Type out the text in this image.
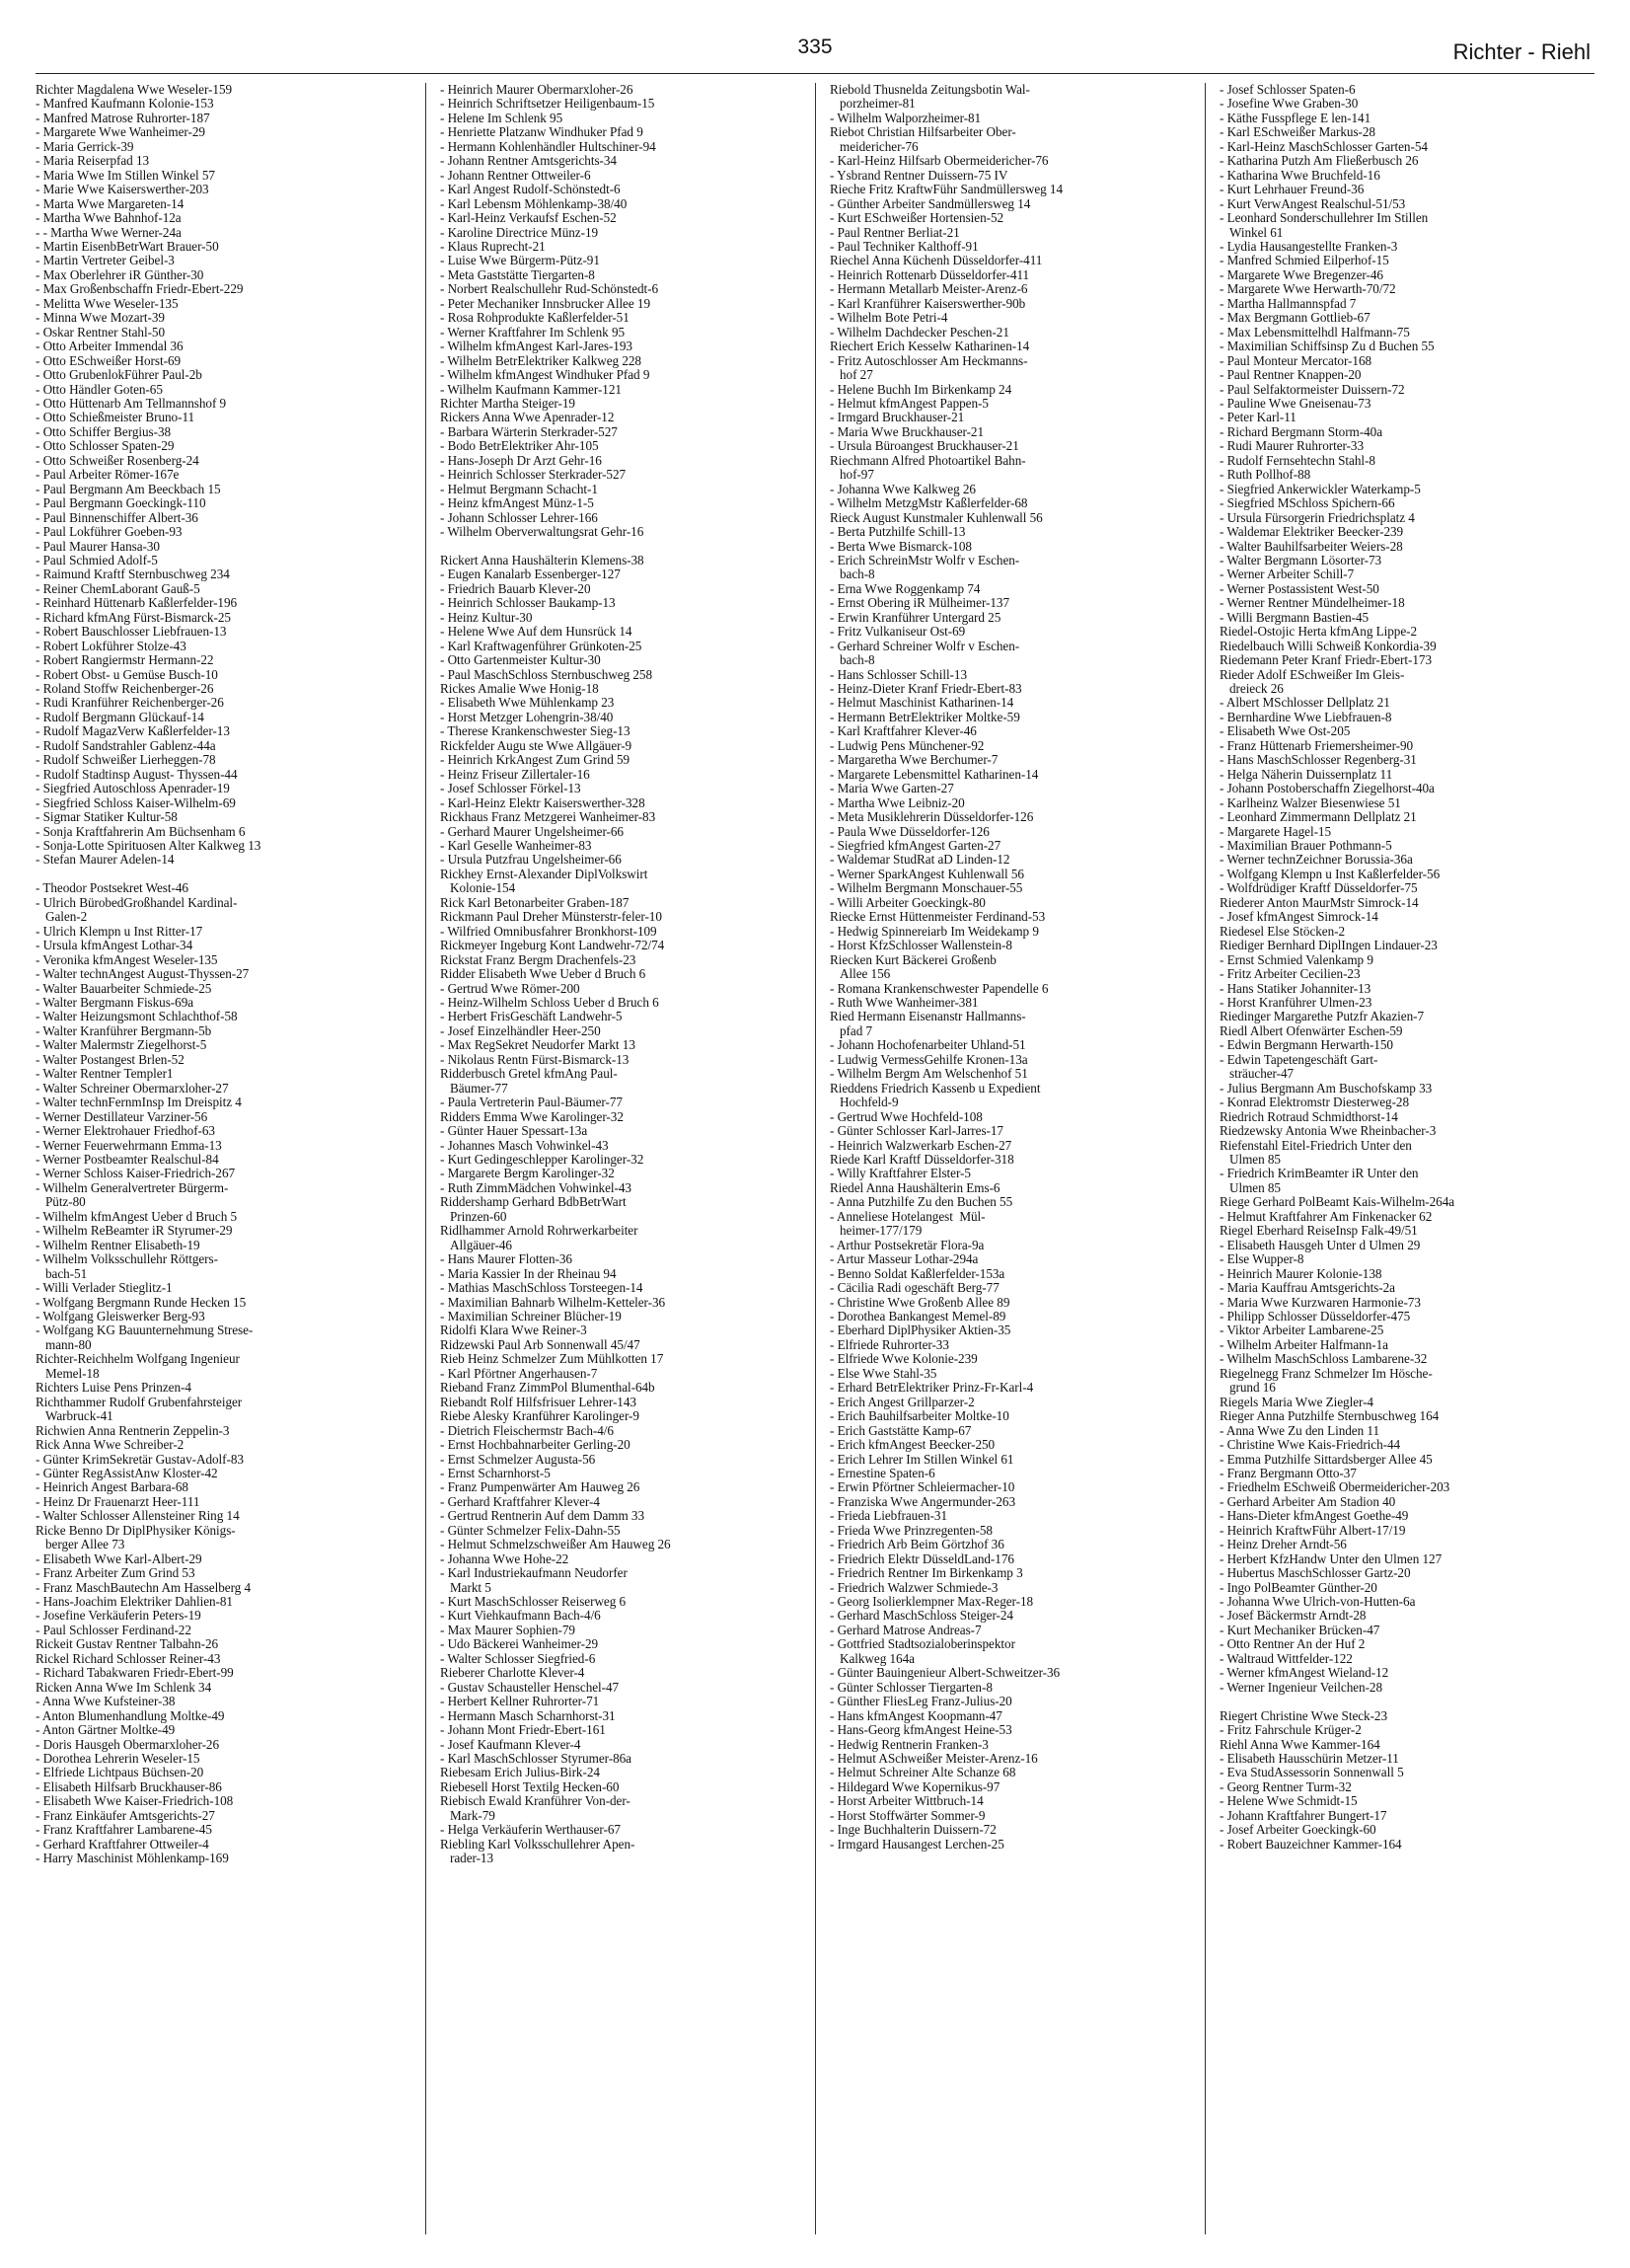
335	Richter - Riehl
Richter Magdalena Wwe Weseler-159
- Manfred Kaufmann Kolonie-153
- Manfred Matrose Ruhrorter-187
- Margarete Wwe Wanheimer-29
- Maria Gerrick-39
- Maria Reiserpfad 13
- Maria Wwe Im Stillen Winkel 57
- Marie Wwe Kaiserswerther-203
- Marta Wwe Margareten-14
- Martha Wwe Bahnhof-12a
- - Martha Wwe Werner-24a
- Martin EisenbBetrWart Brauer-50
- Martin Vertreter Geibel-3
- Max Oberlehrer iR Günther-30
- Max Großenbschaffn Friedr-Ebert-229
- Melitta Wwe Weseler-135
- Minna Wwe Mozart-39
- Oskar Rentner Stahl-50
- Otto Arbeiter Immendal 36
- Otto ESchweißer Horst-69
- Otto GrubenlokFührer Paul-2b
- Otto Händler Goten-65
- Otto Hüttenarb Am Tellmannshof 9
- Otto Schießmeister Bruno-11
- Otto Schiffer Bergius-38
- Otto Schlosser Spaten-29
- Otto Schweißer Rosenberg-24
- Paul Arbeiter Römer-167e
- Paul Bergmann Am Beeckbach 15
- Paul Bergmann Goeckingk-110
- Paul Binnenschiffer Albert-36
- Paul Lokführer Goeben-93
- Paul Maurer Hansa-30
- Paul Schmied Adolf-5
- Raimund Kraftf Sternbuschweg 234
- Reiner ChemLaborant Gauß-5
- Reinhard Hüttenarb Kaßlerfelder-196
- Richard kfmAng Fürst-Bismarck-25
- Robert Bauschlosser Liebfrauen-13
- Robert Lokführer Stolze-43
- Robert Rangiermstr Hermann-22
- Robert Obst- u Gemüse Busch-10
- Roland Stoffw Reichenberger-26
- Rudi Kranführer Reichenberger-26
- Rudolf Bergmann Glückauf-14
- Rudolf MagazVerw Kaßlerfelder-13
- Rudolf Sandstrahler Gablenz-44a
- Rudolf Schweißer Lierheggen-78
- Rudolf Stadtinsp August- Thyssen-44
- Siegfried Autoschloss Apenrader-19
- Siegfried Schloss Kaiser-Wilhelm-69
- Sigmar Statiker Kultur-58
- Sonja Kraftfahrerin Am Büchsenham 6
- Sonja-Lotte Spirituosen Alter Kalkweg 13
- Stefan Maurer Adelen-14

- Theodor Postsekret West-46
- Ulrich BürobedGroßhandel Kardinal-
Galen-2
- Ulrich Klempn u Inst Ritter-17
- Ursula kfmAngest Lothar-34
- Veronika kfmAngest Weseler-135
- Walter technAngest August-Thyssen-27
- Walter Bauarbeiter Schmiede-25
- Walter Bergmann Fiskus-69a
- Walter Heizungsmont Schlachthof-58
- Walter Kranführer Bergmann-5b
- Walter Malermstr Ziegelhorst-5
- Walter Postangest Brlen-52
- Walter Rentner Templer1
- Walter Schreiner Obermarxloher-27
- Walter technFernmInsp Im Dreispitz 4
- Werner Destillateur Varziner-56
- Werner Elektrohauer Friedhof-63
- Werner Feuerwehrmann Emma-13
- Werner Postbeamter Realschul-84
- Werner Schloss Kaiser-Friedrich-267
- Wilhelm Generalvertreter Bürgerm-
Pütz-80
- Wilhelm kfmAngest Ueber d Bruch 5
- Wilhelm ReBeamter iR Styrumer-29
- Wilhelm Rentner Elisabeth-19
- Wilhelm Volksschullehr Röttgers-
bach-51
- Willi Verlader Stieglitz-1
- Wolfgang Bergmann Runde Hecken 15
- Wolfgang Gleiswerker Berg-93
- Wolfgang KG Bauunternehmung Strese-
mann-80
Richter-Reichhelm Wolfgang Ingenieur
Memel-18
Richters Luise Pens Prinzen-4
Richthammer Rudolf Grubenfahrsteiger
Warbruck-41
Richwien Anna Rentnerin Zeppelin-3
Rick Anna Wwe Schreiber-2
- Günter KrimSekretär Gustav-Adolf-83
- Günter RegAssistAnw Kloster-42
- Heinrich Angest Barbara-68
- Heinz Dr Frauenarzt Heer-111
- Walter Schlosser Allensteiner Ring 14
Ricke Benno Dr DiplPhysiker Königs-
berger Allee 73
- Elisabeth Wwe Karl-Albert-29
- Franz Arbeiter Zum Grind 53
- Franz MaschBautechn Am Hasselberg 4
- Hans-Joachim Elektriker Dahlien-81
- Josefine Verkäuferin Peters-19
- Paul Schlosser Ferdinand-22
Rickeit Gustav Rentner Talbahn-26
Rickel Richard Schlosser Reiner-43
- Richard Tabakwaren Friedr-Ebert-99
Ricken Anna Wwe Im Schlenk 34
- Anna Wwe Kufsteiner-38
- Anton Blumenhandlung Moltke-49
- Anton Gärtner Moltke-49
- Doris Hausgeh Obermarxloher-26
- Dorothea Lehrerin Weseler-15
- Elfriede Lichtpaus Büchsen-20
- Elisabeth Hilfsarb Bruckhauser-86
- Elisabeth Wwe Kaiser-Friedrich-108
- Franz Einkäufer Amtsgerichts-27
- Franz Kraftfahrer Lambarene-45
- Gerhard Kraftfahrer Ottweiler-4
- Harry Maschinist Möhlenkamp-169
- Heinrich Maurer Obermarxloher-26
- Heinrich Schriftsetzer Heiligenbaum-15
- Helene Im Schlenk 95
- Henriette Platzanw Windhuker Pfad 9
- Hermann Kohlenhändler Hultschiner-94
- Johann Rentner Amtsgerichts-34
- Johann Rentner Ottweiler-6
- Karl Angest Rudolf-Schönstedt-6
- Karl Lebensm Möhlenkamp-38/40
- Karl-Heinz Verkaufsf Eschen-52
- Karoline Directrice Münz-19
- Klaus Ruprecht-21
- Luise Wwe Bürgerm-Pütz-91
- Meta Gaststätte Tiergarten-8
- Norbert Realschullehr Rud-Schönstedt-6
- Peter Mechaniker Innsbrucker Allee 19
- Rosa Rohprodukte Kaßlerfelder-51
- Werner Kraftfahrer Im Schlenk 95
- Wilhelm kfmAngest Karl-Jares-193
- Wilhelm BetrElektriker Kalkweg 228
- Wilhelm kfmAngest Windhuker Pfad 9
- Wilhelm Kaufmann Kammer-121
Richter Martha Steiger-19
Rickers Anna Wwe Apenrader-12
- Barbara Wärterin Sterkrader-527
- Bodo BetrElektriker Ahr-105
- Hans-Joseph Dr Arzt Gehr-16
- Heinrich Schlosser Sterkrader-527
- Helmut Bergmann Schacht-1
- Heinz kfmAngest Münz-1-5
- Johann Schlosser Lehrer-166
- Wilhelm Oberverwaltungsrat Gehr-16

Rickert Anna Haushälterin Klemens-38
- Eugen Kanalarb Essenberger-127
- Friedrich Bauarb Klever-20
- Heinrich Schlosser Baukamp-13
- Heinz Kultur-30
- Helene Wwe Auf dem Hunsrück 14
- Karl Kraftwagenführer Grünkoten-25
- Otto Gartenmeister Kultur-30
- Paul MaschSchloss Sternbuschweg 258
Rickes Amalie Wwe Honig-18
- Elisabeth Wwe Mühlenkamp 23
- Horst Metzger Lohengrin-38/40
- Therese Krankenschwester Sieg-13
Rickfelder Augu ste Wwe Allgäuer-9
- Heinrich KrkAngest Zum Grind 59
- Heinz Friseur Zillertaler-16
- Josef Schlosser Förkel-13
- Karl-Heinz Elektr Kaiserswerther-328
Rickhaus Franz Metzgerei Wanheimer-83
- Gerhard Maurer Ungelsheimer-66
- Karl Geselle Wanheimer-83
- Ursula Putzfrau Ungelsheimer-66
Rickhey Ernst-Alexander DiplVolkswirt
Kolonie-154
Rick Karl Betonarbeiter Graben-187
Rickmann Paul Dreher Münsterstr-feler-10
- Wilfried Omnibusfahrer Bronkhorst-109
Rickmeyer Ingeburg Kont Landwehr-72/74
Rickstat Franz Bergm Drachenfels-23
Ridder Elisabeth Wwe Ueber d Bruch 6
- Gertrud Wwe Römer-200
- Heinz-Wilhelm Schloss Ueber d Bruch 6
- Herbert FrisGeschäft Landwehr-5
- Josef Einzelhändler Heer-250
- Max RegSekret Neudorfer Markt 13
- Nikolaus Rentn Fürst-Bismarck-13
Ridderbusch Gretel kfmAng Paul-
Bäumer-77
- Paula Vertreterin Paul-Bäumer-77
Ridders Emma Wwe Karolinger-32
- Günter Hauer Spessart-13a
- Johannes Masch Vohwinkel-43
- Kurt Gedingeschlepper Karolinger-32
- Margarete Bergm Karolinger-32
- Ruth ZimmMädchen Vohwinkel-43
Riddershamp Gerhard BdbBetrWart
Prinzen-60
Ridlhammer Arnold Rohrwerkarbeiter
Allgäuer-46
- Hans Maurer Flotten-36
- Maria Kassier In der Rheinau 94
- Mathias MaschSchloss Torsteegen-14
- Maximilian Bahnarb Wilhelm-Ketteler-36
- Maximilian Schreiner Blücher-19
Ridolfi Klara Wwe Reiner-3
Ridzewski Paul Arb Sonnenwall 45/47
Rieb Heinz Schmelzer Zum Mühlkotten 17
- Karl Pförtner Angerhausen-7
Rieband Franz ZimmPol Blumenthal-64b
Riebandt Rolf Hilfsfrisuer Lehrer-143
Riebe Alesky Kranführer Karolinger-9
- Dietrich Fleischermstr Bach-4/6
- Ernst Hochbahnarbeiter Gerling-20
- Ernst Schmelzer Augusta-56
- Ernst Scharnhorst-5
- Franz Pumpenwärter Am Hauweg 26
- Gerhard Kraftfahrer Klever-4
- Gertrud Rentnerin Auf dem Damm 33
- Günter Schmelzer Felix-Dahn-55
- Helmut Schmelzschweißer Am Hauweg 26
- Johanna Wwe Hohe-22
- Karl Industriekaufmann Neudorfer
Markt 5
- Kurt MaschSchlosser Reiserweg 6
- Kurt Viehkaufmann Bach-4/6
- Max Maurer Sophien-79
- Udo Bäckerei Wanheimer-29
- Walter Schlosser Siegfried-6
Rieberer Charlotte Klever-4
- Gustav Schausteller Henschel-47
- Herbert Kellner Ruhrorter-71
- Hermann Masch Scharnhorst-31
- Johann Mont Friedr-Ebert-161
- Josef Kaufmann Klever-4
- Karl MaschSchlosser Styrumer-86a
Riebesam Erich Julius-Birk-24
Riebesell Horst Textilg Hecken-60
Riebisch Ewald Kranführer Von-der-
Mark-79
- Helga Verkäuferin Werthauser-67
Riebling Karl Volksschullehrer Apen-
rader-13
Riebold Thusnelda Zeitungsbotin Wal-
porzheimer-81
- Wilhelm Walporzheimer-81
Riebot Christian Hilfsarbeiter Ober-
meidericher-76
- Karl-Heinz Hilfsarb Obermeidericher-76
- Ysbrand Rentner Duissern-75 IV
Rieche Fritz KraftwFühr Sandmüllersweg 14
- Günther Arbeiter Sandmüllersweg 14
- Kurt ESchweißer Hortensien-52
- Paul Rentner Berliat-21
- Paul Techniker Kalthoff-91
Riechel Anna Küchenh Düsseldorfer-411
- Heinrich Rottenarb Düsseldorfer-411
- Hermann Metallarb Meister-Arenz-6
- Karl Kranführer Kaiserswerther-90b
- Wilhelm Bote Petri-4
- Wilhelm Dachdecker Peschen-21
Riechert Erich Kesselw Katharinen-14
- Fritz Autoschlosser Am Heckmanns-
hof 27
- Helene Buchh Im Birkenkamp 24
- Helmut kfmAngest Pappen-5
- Irmgard Bruckhauser-21
- Maria Wwe Bruckhauser-21
- Ursula Büroangest Bruckhauser-21
Riechmann Alfred Photoartikel Bahn-
hof-97
- Johanna Wwe Kalkweg 26
- Wilhelm MetzgMstr Kaßlerfelder-68
Rieck August Kunstmaler Kuhlenwall 56
- Berta Putzhilfe Schill-13
- Berta Wwe Bismarck-108
- Erich SchreinMstr Wolfr v Eschen-
bach-8
- Erna Wwe Roggenkamp 74
- Ernst Obering iR Mülheimer-137
- Erwin Kranführer Untergard 25
- Fritz Vulkaniseur Ost-69
- Gerhard Schreiner Wolfr v Eschen-
bach-8
- Hans Schlosser Schill-13
- Heinz-Dieter Kranf Friedr-Ebert-83
- Helmut Maschinist Katharinen-14
- Hermann BetrElektriker Moltke-59
- Karl Kraftfahrer Klever-46
- Ludwig Pens Münchener-92
- Margaretha Wwe Berchumer-7
- Margarete Lebensmittel Katharinen-14
- Maria Wwe Garten-27
- Martha Wwe Leibniz-20
- Meta Musiklehrerin Düsseldorfer-126
- Paula Wwe Düsseldorfer-126
- Siegfried kfmAngest Garten-27
- Waldemar StudRat aD Linden-12
- Werner SparkAngest Kuhlenwall 56
- Wilhelm Bergmann Monschauer-55
- Willi Arbeiter Goeckingk-80
Riecke Ernst Hüttenmeister Ferdinand-53
- Hedwig Spinnereiarb Im Weidekamp 9
- Horst KfzSchlosser Wallenstein-8
Riecken Kurt Bäckerei Großenb
Allee 156
- Romana Krankenschwester Papendelle 6
- Ruth Wwe Wanheimer-381
Ried Hermann Eisenanstr Hallmanns-
pfad 7
- Johann Hochofenarbeiter Uhland-51
- Ludwig VermessGehilfe Kronen-13a
- Wilhelm Bergm Am Welschenhof 51
Rieddens Friedrich Kassenb u Expedient
Hochfeld-9
- Gertrud Wwe Hochfeld-108
- Günter Schlosser Karl-Jarres-17
- Heinrich Walzwerkarb Eschen-27
Riede Karl Kraftf Düsseldorfer-318
- Willy Kraftfahrer Elster-5
Riedel Anna Haushälterin Ems-6
- Anna Putzhilfe Zu den Buchen 55
- Anneliese Hotelangest  Mül-
heimer-177/179
- Arthur Postsekretär Flora-9a
- Artur Masseur Lothar-294a
- Benno Soldat Kaßlerfelder-153a
- Cäcilia Radi ogeschäft Berg-77
- Christine Wwe Großenb Allee 89
- Dorothea Bankangest Memel-89
- Eberhard DiplPhysiker Aktien-35
- Elfriede Ruhrorter-33
- Elfriede Wwe Kolonie-239
- Else Wwe Stahl-35
- Erhard BetrElektriker Prinz-Fr-Karl-4
- Erich Angest Grillparzer-2
- Erich Bauhilfsarbeiter Moltke-10
- Erich Gaststätte Kamp-67
- Erich kfmAngest Beecker-250
- Erich Lehrer Im Stillen Winkel 61
- Ernestine Spaten-6
- Erwin Pförtner Schleiermacher-10
- Franziska Wwe Angermunder-263
- Frieda Liebfrauen-31
- Frieda Wwe Prinzregenten-58
- Friedrich Arb Beim Görtzhof 36
- Friedrich Elektr DüsseldLand-176
- Friedrich Rentner Im Birkenkamp 3
- Friedrich Walzwer Schmiede-3
- Georg Isolierklempner Max-Reger-18
- Gerhard MaschSchloss Steiger-24
- Gerhard Matrose Andreas-7
- Gottfried Stadtsozialoberinspektor
Kalkweg 164a
- Günter Bauingenieur Albert-Schweitzer-36
- Günter Schlosser Tiergarten-8
- Günther FliesLeg Franz-Julius-20
- Hans kfmAngest Koopmann-47
- Hans-Georg kfmAngest Heine-53
- Hedwig Rentnerin Franken-3
- Helmut ASchweißer Meister-Arenz-16
- Helmut Schreiner Alte Schanze 68
- Hildegard Wwe Kopernikus-97
- Horst Arbeiter Wittbruch-14
- Horst Stoffwärter Sommer-9
- Inge Buchhalterin Duissern-72
- Irmgard Hausangest Lerchen-25
- Josef Schlosser Spaten-6
- Josefine Wwe Graben-30
- Käthe Fusspflege E len-141
- Karl ESchweißer Markus-28
- Karl-Heinz MaschSchlosser Garten-54
- Katharina Putzh Am Fließerbusch 26
- Katharina Wwe Bruchfeld-16
- Kurt Lehrhauer Freund-36
- Kurt VerwAngest Realschul-51/53
- Leonhard Sonderschullehrer Im Stillen
Winkel 61
- Lydia Hausangestellte Franken-3
- Manfred Schmied Eilperhof-15
- Margarete Wwe Bregenzer-46
- Margarete Wwe Herwarth-70/72
- Martha Hallmannspfad 7
- Max Bergmann Gottlieb-67
- Max Lebensmittelhdl Halfmann-75
- Maximilian Schiffsinsp Zu d Buchen 55
- Paul Monteur Mercator-168
- Paul Rentner Knappen-20
- Paul Selfaktormeister Duissern-72
- Pauline Wwe Gneisenau-73
- Peter Karl-11
- Richard Bergmann Storm-40a
- Rudi Maurer Ruhrorter-33
- Rudolf Fernsehtechn Stahl-8
- Ruth Pollhof-88
- Siegfried Ankerwickler Waterkamp-5
- Siegfried MSchloss Spichern-66
- Ursula Fürsorgerin Friedrichsplatz 4
- Waldemar Elektriker Beecker-239
- Walter Bauhilfsarbeiter Weiers-28
- Walter Bergmann Lösorter-73
- Werner Arbeiter Schill-7
- Werner Postassistent West-50
- Werner Rentner Mündelheimer-18
- Willi Bergmann Bastien-45
Riedel-Ostojic Herta kfmAng Lippe-2
Riedelbauch Willi Schweiß Konkordia-39
Riedemann Peter Kranf Friedr-Ebert-173
Rieder Adolf ESchweißer Im Gleis-
dreieck 26
- Albert MSchlosser Dellplatz 21
- Bernhardine Wwe Liebfrauen-8
- Elisabeth Wwe Ost-205
- Franz Hüttenarb Friemersheimer-90
- Hans MaschSchlosser Regenberg-31
- Helga Näherin Duissernplatz 11
- Johann Postoberschaffn Ziegelhorst-40a
- Karlheinz Walzer Biesenwiese 51
- Leonhard Zimmermann Dellplatz 21
- Margarete Hagel-15
- Maximilian Brauer Pothmann-5
- Werner technZeichner Borussia-36a
- Wolfgang Klempn u Inst Kaßlerfelder-56
- Wolfdrüdiger Kraftf Düsseldorfer-75
Riederer Anton MaurMstr Simrock-14
- Josef kfmAngest Simrock-14
Riedesel Else Stöcken-2
Riediger Bernhard DiplIngen Lindauer-23
- Ernst Schmied Valenkamp 9
- Fritz Arbeiter Cecilien-23
- Hans Statiker Johanniter-13
- Horst Kranführer Ulmen-23
Riedinger Margarethe Putzfr Akazien-7
Riedl Albert Ofenwärter Eschen-59
- Edwin Bergmann Herwarth-150
- Edwin Tapetengeschäft Gart-
sträucher-47
- Julius Bergmann Am Buschofskamp 33
- Konrad Elektromstr Diesterweg-28
Riedrich Rotraud Schmidthorst-14
Riedzewsky Antonia Wwe Rheinbacher-3
Riefenstahl Eitel-Friedrich Unter den
Ulmen 85
- Friedrich KrimBeamter iR Unter den
Ulmen 85
Riege Gerhard PolBeamt Kais-Wilhelm-264a
- Helmut Kraftfahrer Am Finkenacker 62
Riegel Eberhard ReiseInsp Falk-49/51
- Elisabeth Hausgeh Unter d Ulmen 29
- Else Wupper-8
- Heinrich Maurer Kolonie-138
- Maria Kauffrau Amtsgerichts-2a
- Maria Wwe Kurzwaren Harmonie-73
- Philipp Schlosser Düsseldorfer-475
- Viktor Arbeiter Lambarene-25
- Wilhelm Arbeiter Halfmann-1a
- Wilhelm MaschSchloss Lambarene-32
Riegelnegg Franz Schmelzer Im Hösche-
grund 16
Riegels Maria Wwe Ziegler-4
Rieger Anna Putzhilfe Sternbuschweg 164
- Anna Wwe Zu den Linden 11
- Christine Wwe Kais-Friedrich-44
- Emma Putzhilfe Sittardsberger Allee 45
- Franz Bergmann Otto-37
- Friedhelm ESchweiß Obermeidericher-203
- Gerhard Arbeiter Am Stadion 40
- Hans-Dieter kfmAngest Goethe-49
- Heinrich KraftwFühr Albert-17/19
- Heinz Dreher Arndt-56
- Herbert KfzHandw Unter den Ulmen 127
- Hubertus MaschSchlosser Gartz-20
- Ingo PolBeamter Günther-20
- Johanna Wwe Ulrich-von-Hutten-6a
- Josef Bäckermstr Arndt-28
- Kurt Mechaniker Brücken-47
- Otto Rentner An der Huf 2
- Waltraud Wittfelder-122
- Werner kfmAngest Wieland-12
- Werner Ingenieur Veilchen-28

Riegert Christine Wwe Steck-23
- Fritz Fahrschule Krüger-2
Riehl Anna Wwe Kammer-164
- Elisabeth Hausschürin Metzer-11
- Eva StudAssessorin Sonnenwall 5
- Georg Rentner Turm-32
- Helene Wwe Schmidt-15
- Johann Kraftfahrer Bungert-17
- Josef Arbeiter Goeckingk-60
- Robert Bauzeichner Kammer-164
